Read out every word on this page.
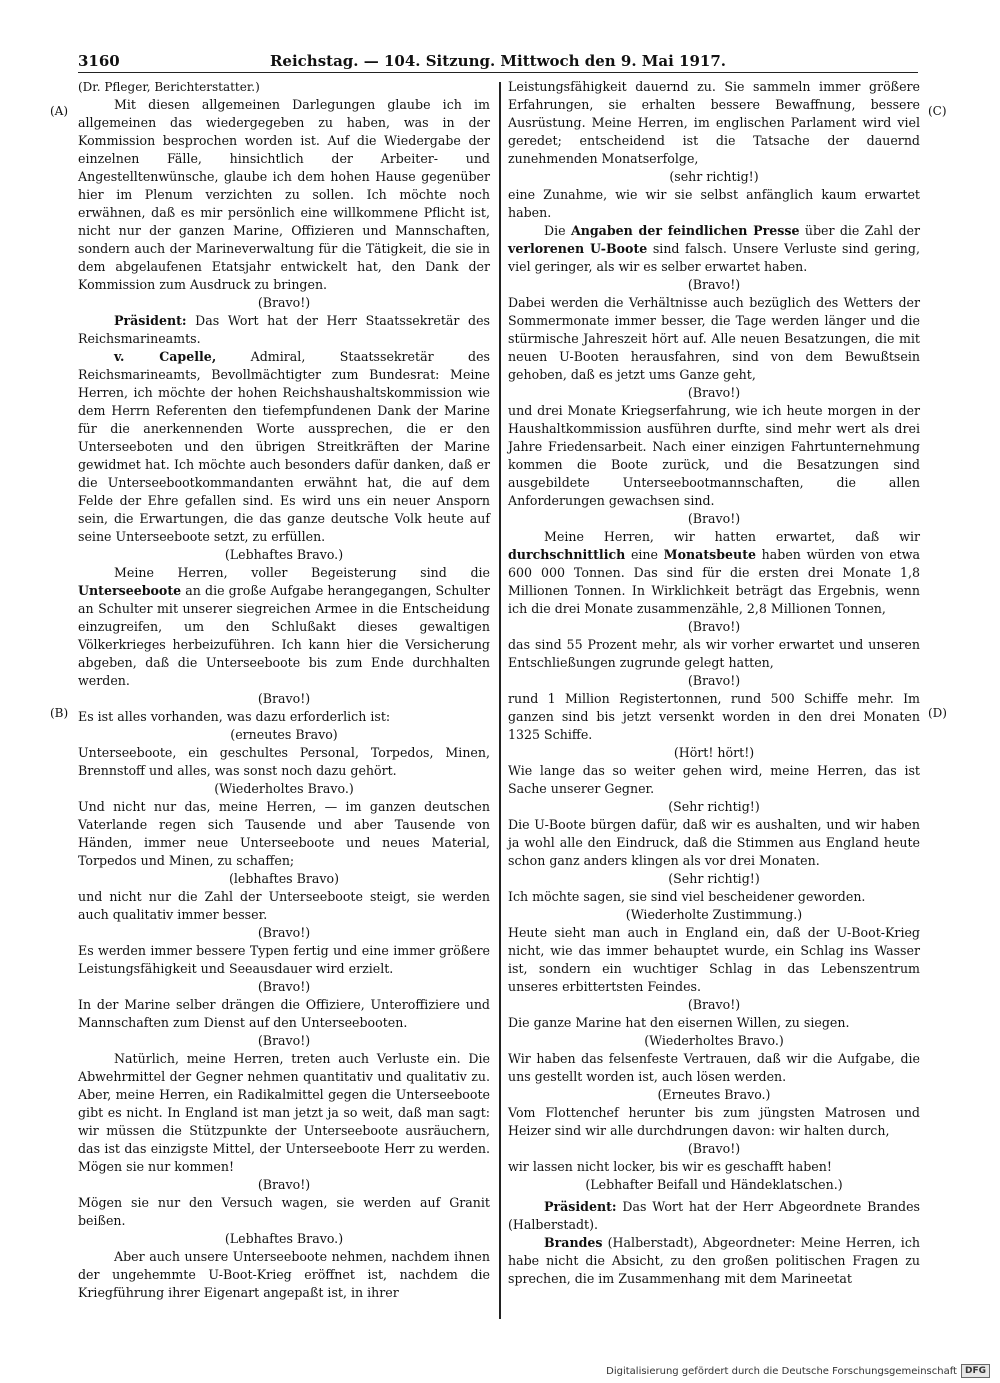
3160	Reichstag. — 104. Sitzung. Mittwoch den 9. Mai 1917.
(A)
(B)
(C)
(D)

(Dr. Pfleger, Berichterstatter.)

Mit diesen allgemeinen Darlegungen glaube ich im allgemeinen das wiedergegeben zu haben, was in der Kommission besprochen worden ist. Auf die Wiedergabe der einzelnen Fälle, hinsichtlich der Arbeiter- und Angestelltenwünsche, glaube ich dem hohen Hause gegenüber hier im Plenum verzichten zu sollen. Ich möchte noch erwähnen, daß es mir persönlich eine willkommene Pflicht ist, nicht nur der ganzen Marine, Offizieren und Mannschaften, sondern auch der Marineverwaltung für die Tätigkeit, die sie in dem abgelaufenen Etatsjahr entwickelt hat, den Dank der Kommission zum Ausdruck zu bringen.

(Bravo!)

Präsident: Das Wort hat der Herr Staatssekretär des Reichsmarineamts.

v. Capelle, Admiral, Staatssekretär des Reichsmarineamts, Bevollmächtigter zum Bundesrat: Meine Herren, ich möchte der hohen Reichshaushaltskommission wie dem Herrn Referenten den tiefempfundenen Dank der Marine für die anerkennenden Worte aussprechen, die er den Unterseeboten und den übrigen Streitkräften der Marine gewidmet hat. Ich möchte auch besonders dafür danken, daß er die Unterseebootkommandanten erwähnt hat, die auf dem Felde der Ehre gefallen sind. Es wird uns ein neuer Ansporn sein, die Erwartungen, die das ganze deutsche Volk heute auf seine Unterseeboote setzt, zu erfüllen.

(Lebhaftes Bravo.)

Meine Herren, voller Begeisterung sind die Unterseeboote an die große Aufgabe herangegangen, Schulter an Schulter mit unserer siegreichen Armee in die Entscheidung einzugreifen, um den Schlußakt dieses gewaltigen Völkerkrieges herbeizuführen. Ich kann hier die Versicherung abgeben, daß die Unterseeboote bis zum Ende durchhalten werden.

(Bravo!)

Es ist alles vorhanden, was dazu erforderlich ist:

(erneutes Bravo)

Unterseeboote, ein geschultes Personal, Torpedos, Minen, Brennstoff und alles, was sonst noch dazu gehört.

(Wiederholtes Bravo.)

Und nicht nur das, meine Herren, — im ganzen deutschen Vaterlande regen sich Tausende und aber Tausende von Händen, immer neue Unterseeboote und neues Material, Torpedos und Minen, zu schaffen;

(lebhaftes Bravo)

und nicht nur die Zahl der Unterseeboote steigt, sie werden auch qualitativ immer besser.

(Bravo!)

Es werden immer bessere Typen fertig und eine immer größere Leistungsfähigkeit und Seeausdauer wird erzielt.

(Bravo!)

In der Marine selber drängen die Offiziere, Unteroffiziere und Mannschaften zum Dienst auf den Unterseebooten.

(Bravo!)

Natürlich, meine Herren, treten auch Verluste ein. Die Abwehrmittel der Gegner nehmen quantitativ und qualitativ zu. Aber, meine Herren, ein Radikalmittel gegen die Unterseeboote gibt es nicht. In England ist man jetzt ja so weit, daß man sagt: wir müssen die Stützpunkte der Unterseeboote ausräuchern, das ist das einzigste Mittel, der Unterseeboote Herr zu werden. Mögen sie nur kommen!

(Bravo!)

Mögen sie nur den Versuch wagen, sie werden auf Granit beißen.

(Lebhaftes Bravo.)

Aber auch unsere Unterseeboote nehmen, nachdem ihnen der ungehemmte U-Boot-Krieg eröffnet ist, nachdem die Kriegführung ihrer Eigenart angepaßt ist, in ihrer

Leistungsfähigkeit dauernd zu. Sie sammeln immer größere Erfahrungen, sie erhalten bessere Bewaffnung, bessere Ausrüstung. Meine Herren, im englischen Parlament wird viel geredet; entscheidend ist die Tatsache der dauernd zunehmenden Monatserfolge,

(sehr richtig!)

eine Zunahme, wie wir sie selbst anfänglich kaum erwartet haben.

Die Angaben der feindlichen Presse über die Zahl der verlorenen U-Boote sind falsch. Unsere Verluste sind gering, viel geringer, als wir es selber erwartet haben.

(Bravo!)

Dabei werden die Verhältnisse auch bezüglich des Wetters der Sommermonate immer besser, die Tage werden länger und die stürmische Jahreszeit hört auf. Alle neuen Besatzungen, die mit neuen U-Booten herausfahren, sind von dem Bewußtsein gehoben, daß es jetzt ums Ganze geht,

(Bravo!)

und drei Monate Kriegserfahrung, wie ich heute morgen in der Haushaltkommission ausführen durfte, sind mehr wert als drei Jahre Friedensarbeit. Nach einer einzigen Fahrtunternehmung kommen die Boote zurück, und die Besatzungen sind ausgebildete Unterseebootmannschaften, die allen Anforderungen gewachsen sind.

(Bravo!)

Meine Herren, wir hatten erwartet, daß wir durchschnittlich eine Monatsbeute haben würden von etwa 600 000 Tonnen. Das sind für die ersten drei Monate 1,8 Millionen Tonnen. In Wirklichkeit beträgt das Ergebnis, wenn ich die drei Monate zusammenzähle, 2,8 Millionen Tonnen,

(Bravo!)

das sind 55 Prozent mehr, als wir vorher erwartet und unseren Entschließungen zugrunde gelegt hatten,

(Bravo!)

rund 1 Million Registertonnen, rund 500 Schiffe mehr. Im ganzen sind bis jetzt versenkt worden in den drei Monaten 1325 Schiffe.

(Hört! hört!)

Wie lange das so weiter gehen wird, meine Herren, das ist Sache unserer Gegner.

(Sehr richtig!)

Die U-Boote bürgen dafür, daß wir es aushalten, und wir haben ja wohl alle den Eindruck, daß die Stimmen aus England heute schon ganz anders klingen als vor drei Monaten.

(Sehr richtig!)

Ich möchte sagen, sie sind viel bescheidener geworden.

(Wiederholte Zustimmung.)

Heute sieht man auch in England ein, daß der U-Boot-Krieg nicht, wie das immer behauptet wurde, ein Schlag ins Wasser ist, sondern ein wuchtiger Schlag in das Lebenszentrum unseres erbittertsten Feindes.

(Bravo!)

Die ganze Marine hat den eisernen Willen, zu siegen.

(Wiederholtes Bravo.)

Wir haben das felsenfeste Vertrauen, daß wir die Aufgabe, die uns gestellt worden ist, auch lösen werden.

(Erneutes Bravo.)

Vom Flottenchef herunter bis zum jüngsten Matrosen und Heizer sind wir alle durchdrungen davon: wir halten durch,

(Bravo!)

wir lassen nicht locker, bis wir es geschafft haben!

(Lebhafter Beifall und Händeklatschen.)

Präsident: Das Wort hat der Herr Abgeordnete Brandes (Halberstadt).

Brandes (Halberstadt), Abgeordneter: Meine Herren, ich habe nicht die Absicht, zu den großen politischen Fragen zu sprechen, die im Zusammenhang mit dem Marineetat

Digitalisierung gefördert durch die Deutsche Forschungsgemeinschaft DFG
